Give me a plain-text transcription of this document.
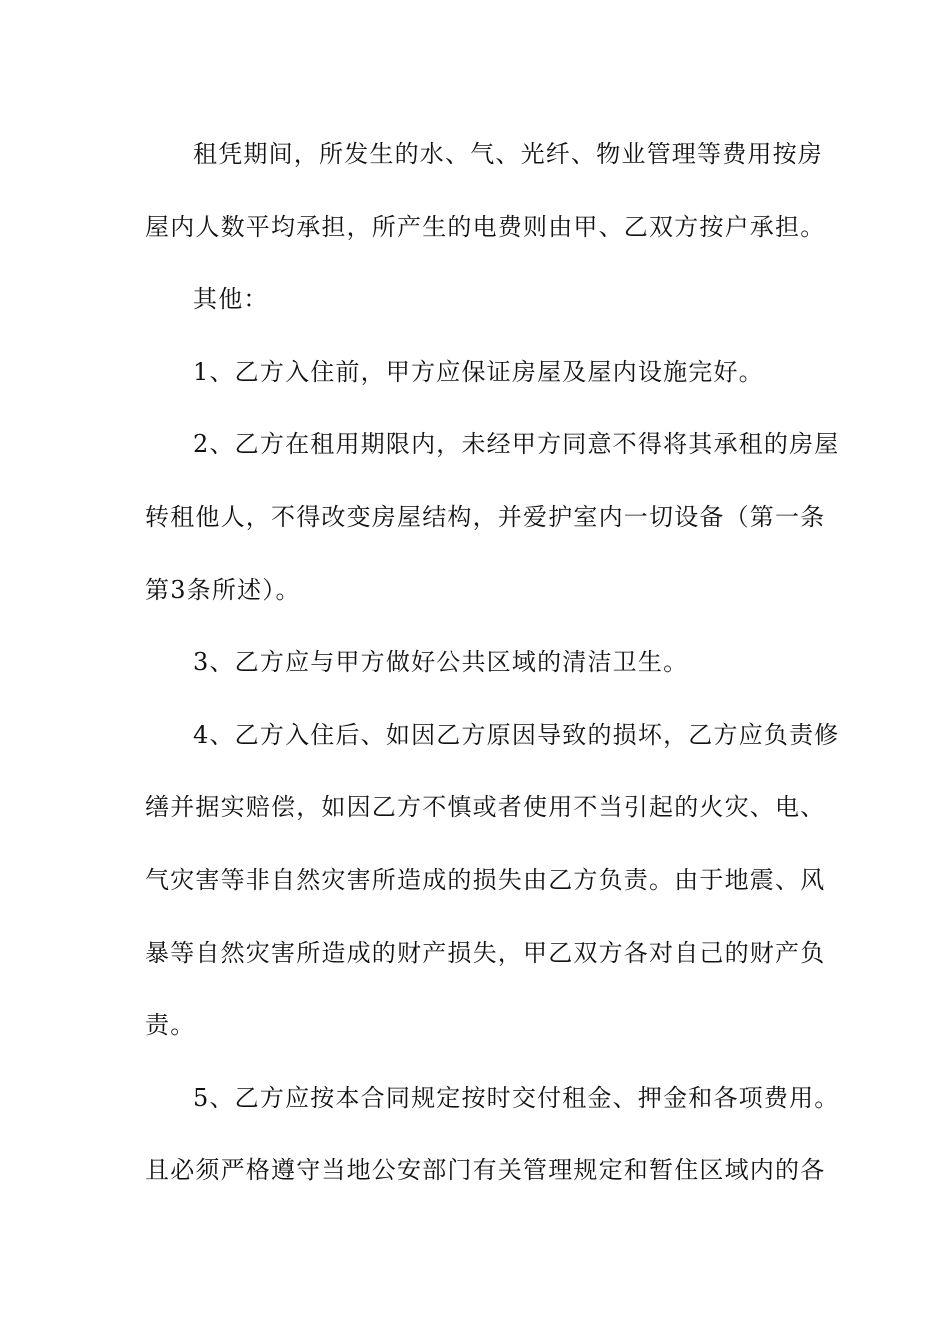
租凭期间，所发生的水、气、光纤、物业管理等费用按房
屋内人数平均承担，所产生的电费则由甲、乙双方按户承担。
其他：
1、乙方入住前，甲方应保证房屋及屋内设施完好。
2、乙方在租用期限内，未经甲方同意不得将其承租的房屋
转租他人，不得改变房屋结构，并爱护室内一切设备（第一条
第3条所述）。
3、乙方应与甲方做好公共区域的清洁卫生。
4、乙方入住后、如因乙方原因导致的损坏，乙方应负责修
缮并据实赔偿，如因乙方不慎或者使用不当引起的火灾、电、
气灾害等非自然灾害所造成的损失由乙方负责。由于地震、风
暴等自然灾害所造成的财产损失，甲乙双方各对自己的财产负
责。
5、乙方应按本合同规定按时交付租金、押金和各项费用。
且必须严格遵守当地公安部门有关管理规定和暂住区域内的各
